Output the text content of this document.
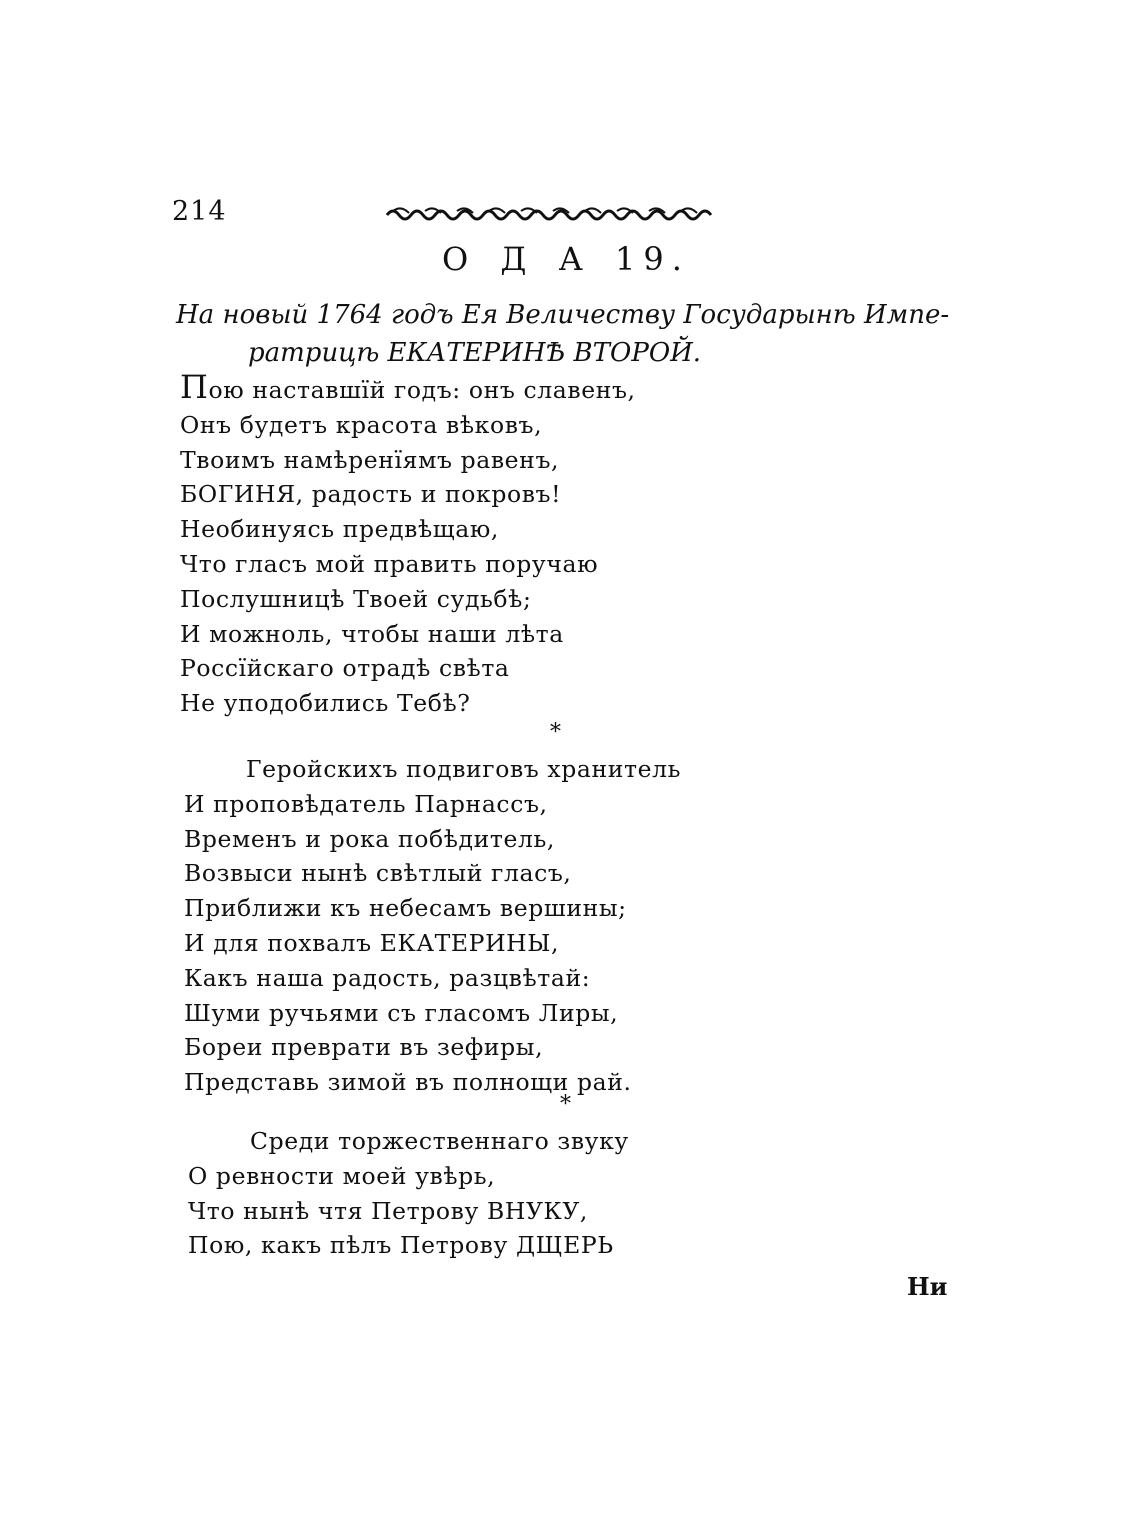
214
О Д А 19.
На новый 1764 годъ Ея Величеству Государынѣ Импе-
ратрицѣ ЕКАТЕРИНѢ ВТОРОЙ.
Пою наставшїй годъ: онъ славенъ,
Онъ будетъ красота вѣковъ,
Твоимъ намѣренїямъ равенъ,
БОГИНЯ, радость и покровъ!
Необинуясь предвѣщаю,
Что гласъ мой править поручаю
Послушницѣ Твоей судьбѣ;
И можноль, чтобы наши лѣта
Россїйскаго отрадѣ свѣта
Не уподобились Тебѣ?
*
Геройскихъ подвиговъ хранитель
И проповѣдатель Парнассъ,
Временъ и рока побѣдитель,
Возвыси нынѣ свѣтлый гласъ,
Приближи къ небесамъ вершины;
И для похвалъ ЕКАТЕРИНЫ,
Какъ наша радость, разцвѣтай:
Шуми ручьями съ гласомъ Лиры,
Бореи преврати въ зефиры,
Представь зимой въ полнощи рай.
*
Среди торжественнаго звуку
О ревности моей увѣрь,
Что нынѣ чтя Петрову ВНУКУ,
Пою, какъ пѣлъ Петрову ДЩЕРЬ
Ни
